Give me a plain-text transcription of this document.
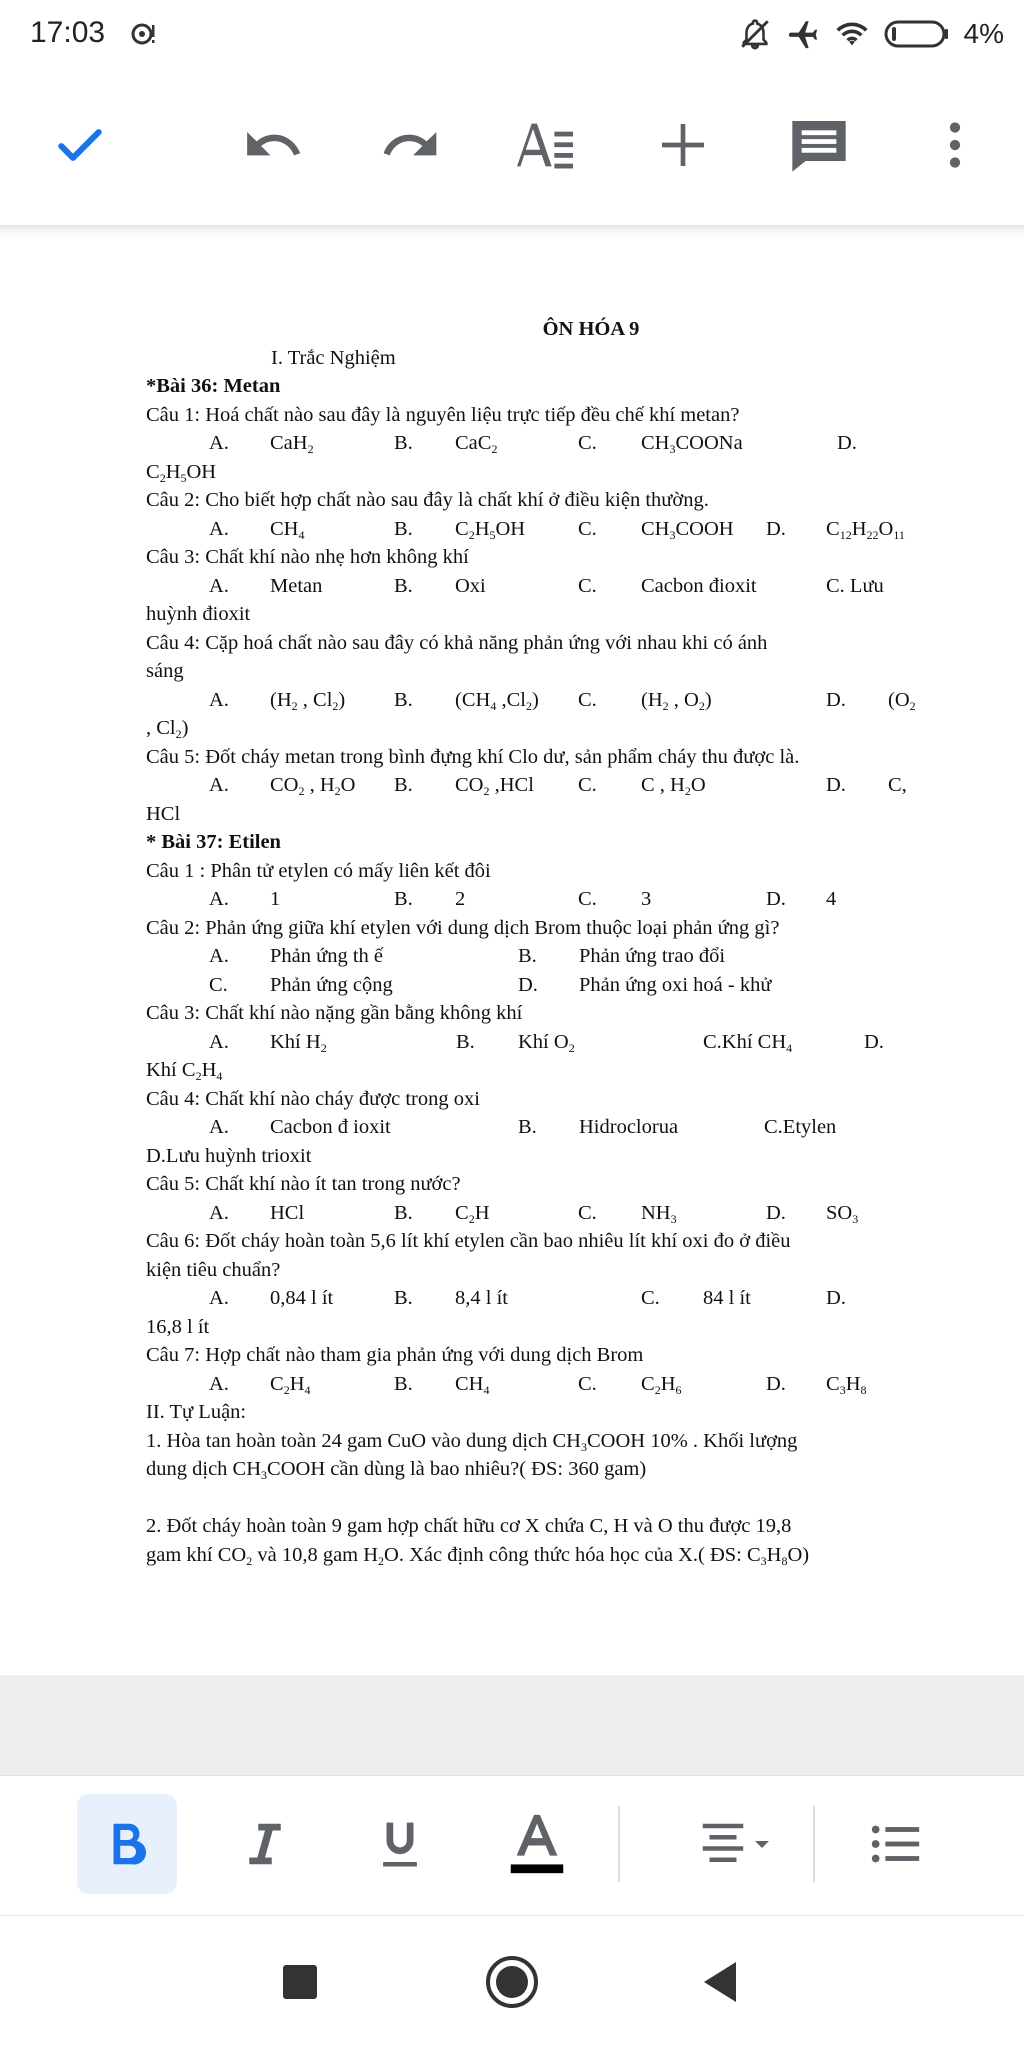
17:03	4%
ÔN HÓA 9
I. Trắc Nghiệm
*Bài 36: Metan
Câu 1: Hoá chất nào sau đây là nguyên liệu trực tiếp đều chế khí metan?
A. CaH$_2$	B. CaC$_2$	C. $CH_3COONa$	D.
$C_2H_5OH$
Câu 2: Cho biết hợp chất nào sau đây là chất khí ở điều kiện thường.
A. $CH_4$	B. $C_2H_5OH$	C. $CH_3COOH$ D. $C_{12}H_{22}O_{11}$
Câu 3: Chất khí nào nhẹ hơn không khí
A. Metan	B. Oxi	C. Cacbon đioxit	C. Lưu
huỳnh đioxit
Câu 4: Cặp hoá chất nào sau đây có khả năng phản ứng với nhau khi có ánh
sáng
A. ($H_2$ , $Cl_2$) B. ($CH_4$ $,Cl_2$) C. ($H_2$ , $O_2$)	D. ($O_2$
, $Cl_2$)
Câu 5: Đốt cháy metan trong bình đựng khí Clo dư, sản phẩm cháy thu được là.
A. $CO_2$ , $H_2O$ B. $CO_2$ ,HCl C. C , $H_2O$	D. C,
HCl
* Bài 37: Etilen
Câu 1 : Phân tử etylen có mấy liên kết đôi
A. 1	B. 2	C. 3	D. 4
Câu 2: Phản ứng giữa khí etylen với dung dịch Brom thuộc loại phản ứng gì?
A. Phản ứng th ế	B. Phản ứng trao đổi
C. Phản ứng cộng	D. Phản ứng oxi hoá - khử
Câu 3: Chất khí nào nặng gần bằng không khí
A. Khí $H_2$	B. Khí $O_2$	C.Khí $CH_4$	D.
Khí $C_2H_4$
Câu 4: Chất khí nào cháy được trong oxi
A. Cacbon đ ioxit	B. Hidroclorua	C.Etylen
D.Lưu huỳnh trioxit
Câu 5: Chất khí nào ít tan trong nước?
A. HCl	B. $C_2H$	C. $NH_3$	D. $SO_3$
Câu 6: Đốt cháy hoàn toàn 5,6 lít khí etylen cần bao nhiêu lít khí oxi đo ở điều
kiện tiêu chuẩn?
A. 0,84 l ít	B. 8,4 l ít	C. 84 l ít	D.
16,8 l ít
Câu 7: Hợp chất nào tham gia phản ứng với dung dịch Brom
A. $C_2H_4$	B. $CH_4$	C. $C_2H_6$	D. $C_3H_8$
II. Tự Luận:
1. Hòa tan hoàn toàn 24 gam CuO vào dung dịch $CH_3COOH$ 10% . Khối lượng
dung dịch $CH_3COOH$ cần dùng là bao nhiêu?( ĐS: 360 gam)
2. Đốt cháy hoàn toàn 9 gam hợp chất hữu cơ X chứa C, H và O thu được 19,8
gam khí $CO_2$ và 10,8 gam $H_2O$. Xác định công thức hóa học của X.( ĐS: $C_3H_8O$)
